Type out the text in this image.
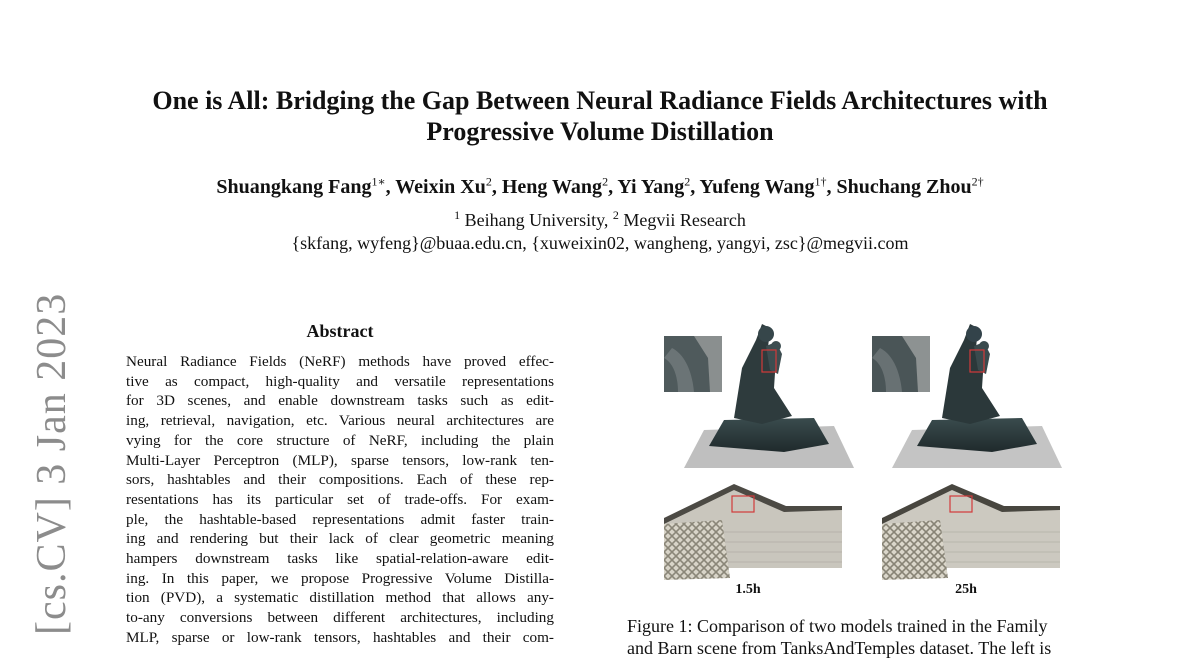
[cs.CV] 3 Jan 2023
One is All: Bridging the Gap Between Neural Radiance Fields Architectures with
Progressive Volume Distillation
Shuangkang Fang$^{1∗}$, Weixin Xu$^2$, Heng Wang$^2$, Yi Yang$^2$, Yufeng Wang$^{1\dagger}$, Shuchang Zhou$^{2\dagger}$
$^1$ Beihang University, $^2$ Megvii Research
{skfang, wyfeng}@buaa.edu.cn, {xuweixin02, wangheng, yangyi, zsc}@megvii.com
Abstract
Neural Radiance Fields (NeRF) methods have proved effec-
tive as compact, high-quality and versatile representations
for 3D scenes, and enable downstream tasks such as edit-
ing, retrieval, navigation, etc. Various neural architectures are
vying for the core structure of NeRF, including the plain
Multi-Layer Perceptron (MLP), sparse tensors, low-rank ten-
sors, hashtables and their compositions. Each of these rep-
resentations has its particular set of trade-offs. For exam-
ple, the hashtable-based representations admit faster train-
ing and rendering but their lack of clear geometric meaning
hampers downstream tasks like spatial-relation-aware edit-
ing. In this paper, we propose Progressive Volume Distilla-
tion (PVD), a systematic distillation method that allows any-
to-any conversions between different architectures, including
MLP, sparse or low-rank tensors, hashtables and their com-
1.5h	25h
Figure 1: Comparison of two models trained in the Family
and Barn scene from TanksAndTemples dataset. The left is
